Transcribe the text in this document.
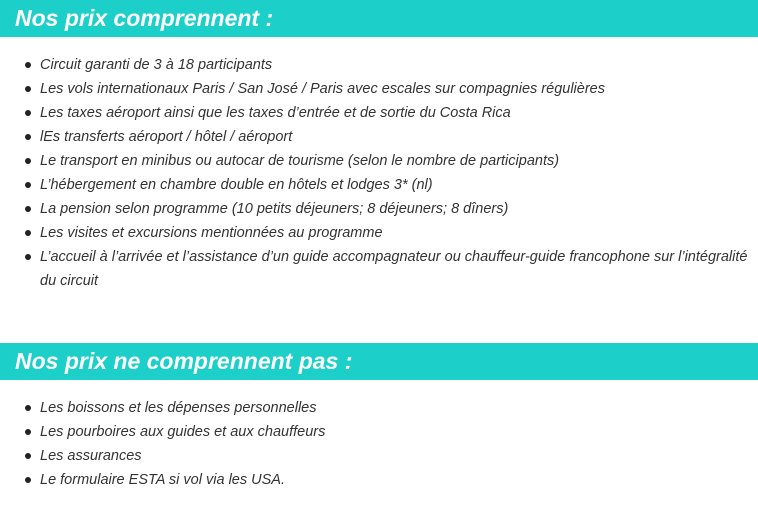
Nos prix comprennent :
Circuit garanti de 3 à 18 participants
Les vols internationaux Paris / San José / Paris avec escales sur compagnies régulières
Les taxes aéroport ainsi que les taxes d’entrée et de sortie du Costa Rica
lEs transferts aéroport / hôtel / aéroport
Le transport en minibus ou autocar de tourisme (selon le nombre de participants)
L’hébergement en chambre double en hôtels et lodges 3* (nl)
La pension selon programme (10 petits déjeuners; 8 déjeuners; 8 dîners)
Les visites et excursions mentionnées au programme
L’accueil à l’arrivée et l’assistance d’un guide accompagnateur ou chauffeur-guide francophone sur l’intégralité du circuit
Nos prix ne comprennent pas :
Les boissons et les dépenses personnelles
Les pourboires aux guides et aux chauffeurs
Les assurances
Le formulaire ESTA si vol via les USA.
